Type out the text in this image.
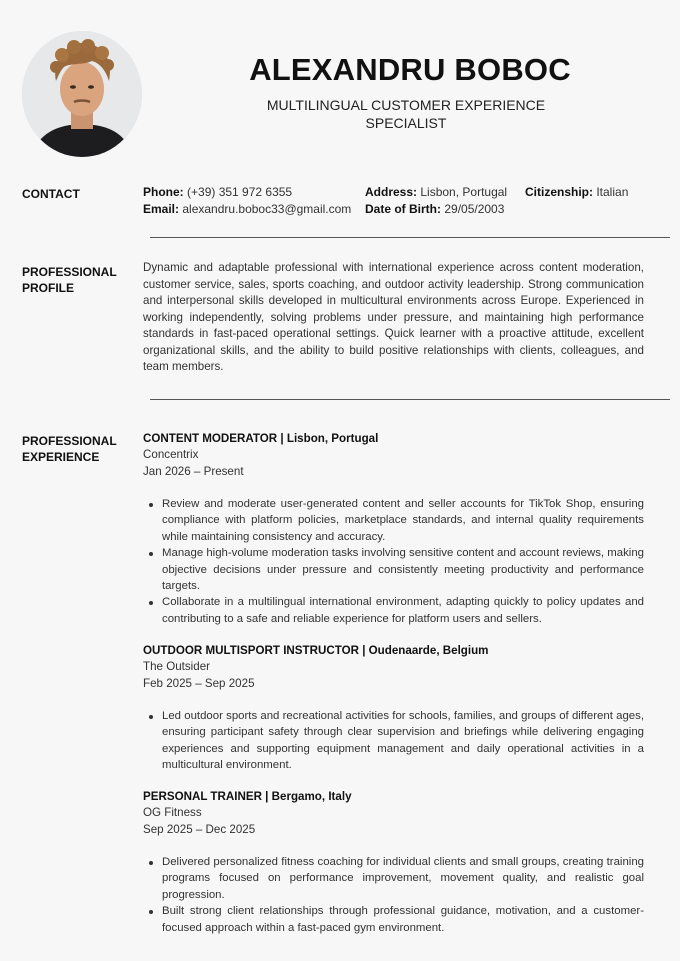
ALEXANDRU BOBOC
MULTILINGUAL CUSTOMER EXPERIENCE SPECIALIST
CONTACT	Phone: (+39) 351 972 6355
Email: alexandru.boboc33@gmail.com
Address: Lisbon, Portugal
Date of Birth: 29/05/2003
Citizenship: Italian
PROFESSIONAL
PROFILE
Dynamic and adaptable professional with international experience across content moderation, customer service, sales, sports coaching, and outdoor activity leadership. Strong communication and interpersonal skills developed in multicultural environments across Europe. Experienced in working independently, solving problems under pressure, and maintaining high performance standards in fast-paced operational settings. Quick learner with a proactive attitude, excellent organizational skills, and the ability to build positive relationships with clients, colleagues, and team members.
PROFESSIONAL
EXPERIENCE
CONTENT MODERATOR | Lisbon, Portugal
Concentrix
Jan 2026 – Present
Review and moderate user-generated content and seller accounts for TikTok Shop, ensuring compliance with platform policies, marketplace standards, and internal quality requirements while maintaining consistency and accuracy.
Manage high-volume moderation tasks involving sensitive content and account reviews, making objective decisions under pressure and consistently meeting productivity and performance targets.
Collaborate in a multilingual international environment, adapting quickly to policy updates and contributing to a safe and reliable experience for platform users and sellers.
OUTDOOR MULTISPORT INSTRUCTOR | Oudenaarde, Belgium
The Outsider
Feb 2025 – Sep 2025
Led outdoor sports and recreational activities for schools, families, and groups of different ages, ensuring participant safety through clear supervision and briefings while delivering engaging experiences and supporting equipment management and daily operational activities in a multicultural environment.
PERSONAL TRAINER | Bergamo, Italy
OG Fitness
Sep 2025 – Dec 2025
Delivered personalized fitness coaching for individual clients and small groups, creating training programs focused on performance improvement, movement quality, and realistic goal progression.
Built strong client relationships through professional guidance, motivation, and a customer-focused approach within a fast-paced gym environment.
